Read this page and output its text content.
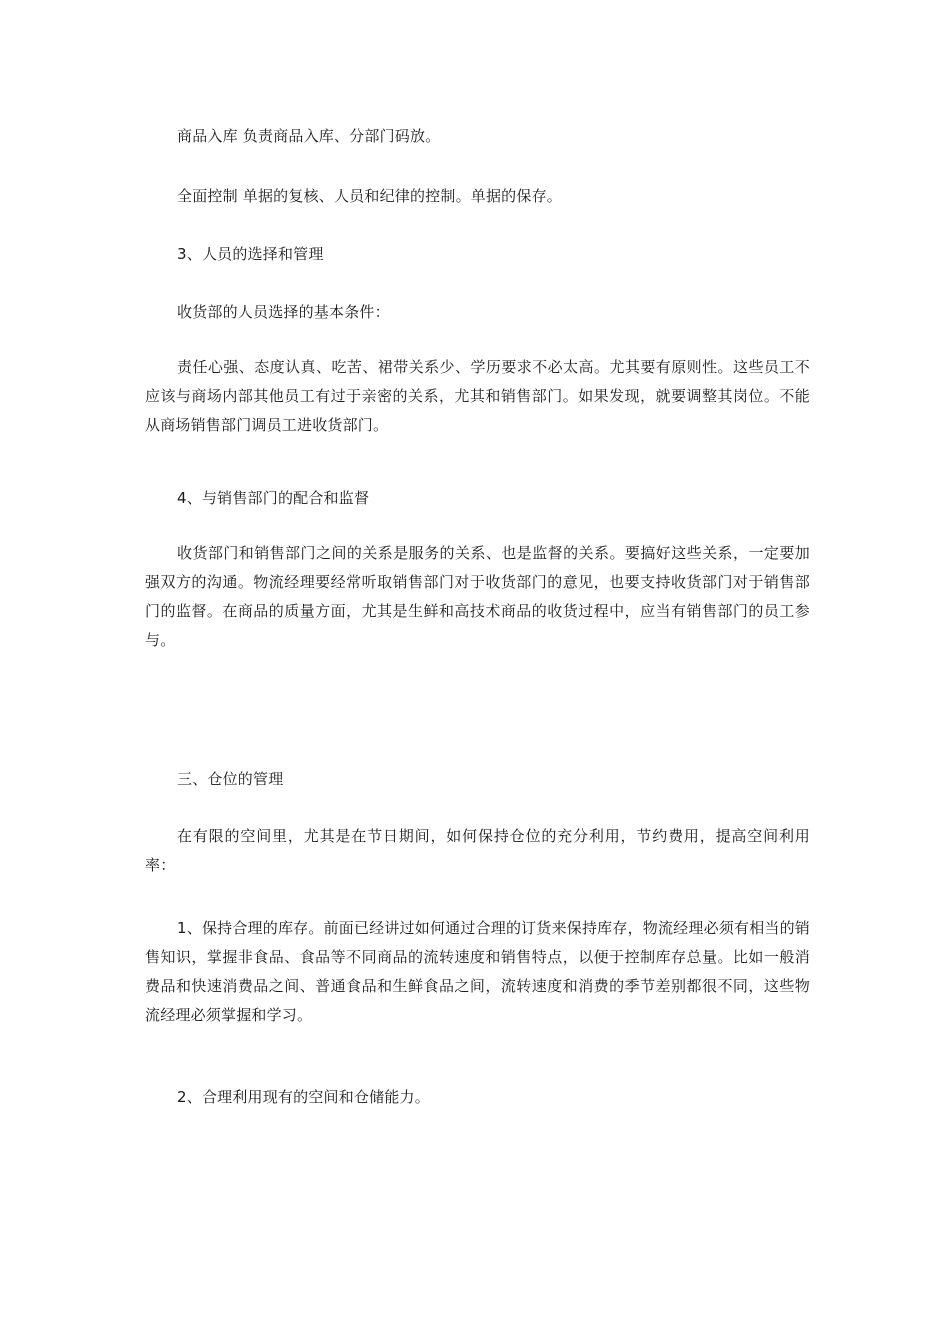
商品入库 负责商品入库、分部门码放。

全面控制 单据的复核、人员和纪律的控制。单据的保存。

3、人员的选择和管理

收货部的人员选择的基本条件：

责任心强、态度认真、吃苦、裙带关系少、学历要求不必太高。尤其要有原则性。这些员工不应该与商场内部其他员工有过于亲密的关系，尤其和销售部门。如果发现，就要调整其岗位。不能从商场销售部门调员工进收货部门。

4、与销售部门的配合和监督

收货部门和销售部门之间的关系是服务的关系、也是监督的关系。要搞好这些关系，一定要加强双方的沟通。物流经理要经常听取销售部门对于收货部门的意见，也要支持收货部门对于销售部门的监督。在商品的质量方面，尤其是生鲜和高技术商品的收货过程中，应当有销售部门的员工参与。

三、仓位的管理

在有限的空间里，尤其是在节日期间，如何保持仓位的充分利用，节约费用，提高空间利用率：

1、保持合理的库存。前面已经讲过如何通过合理的订货来保持库存，物流经理必须有相当的销售知识，掌握非食品、食品等不同商品的流转速度和销售特点，以便于控制库存总量。比如一般消费品和快速消费品之间、普通食品和生鲜食品之间，流转速度和消费的季节差别都很不同，这些物流经理必须掌握和学习。

2、合理利用现有的空间和仓储能力。
